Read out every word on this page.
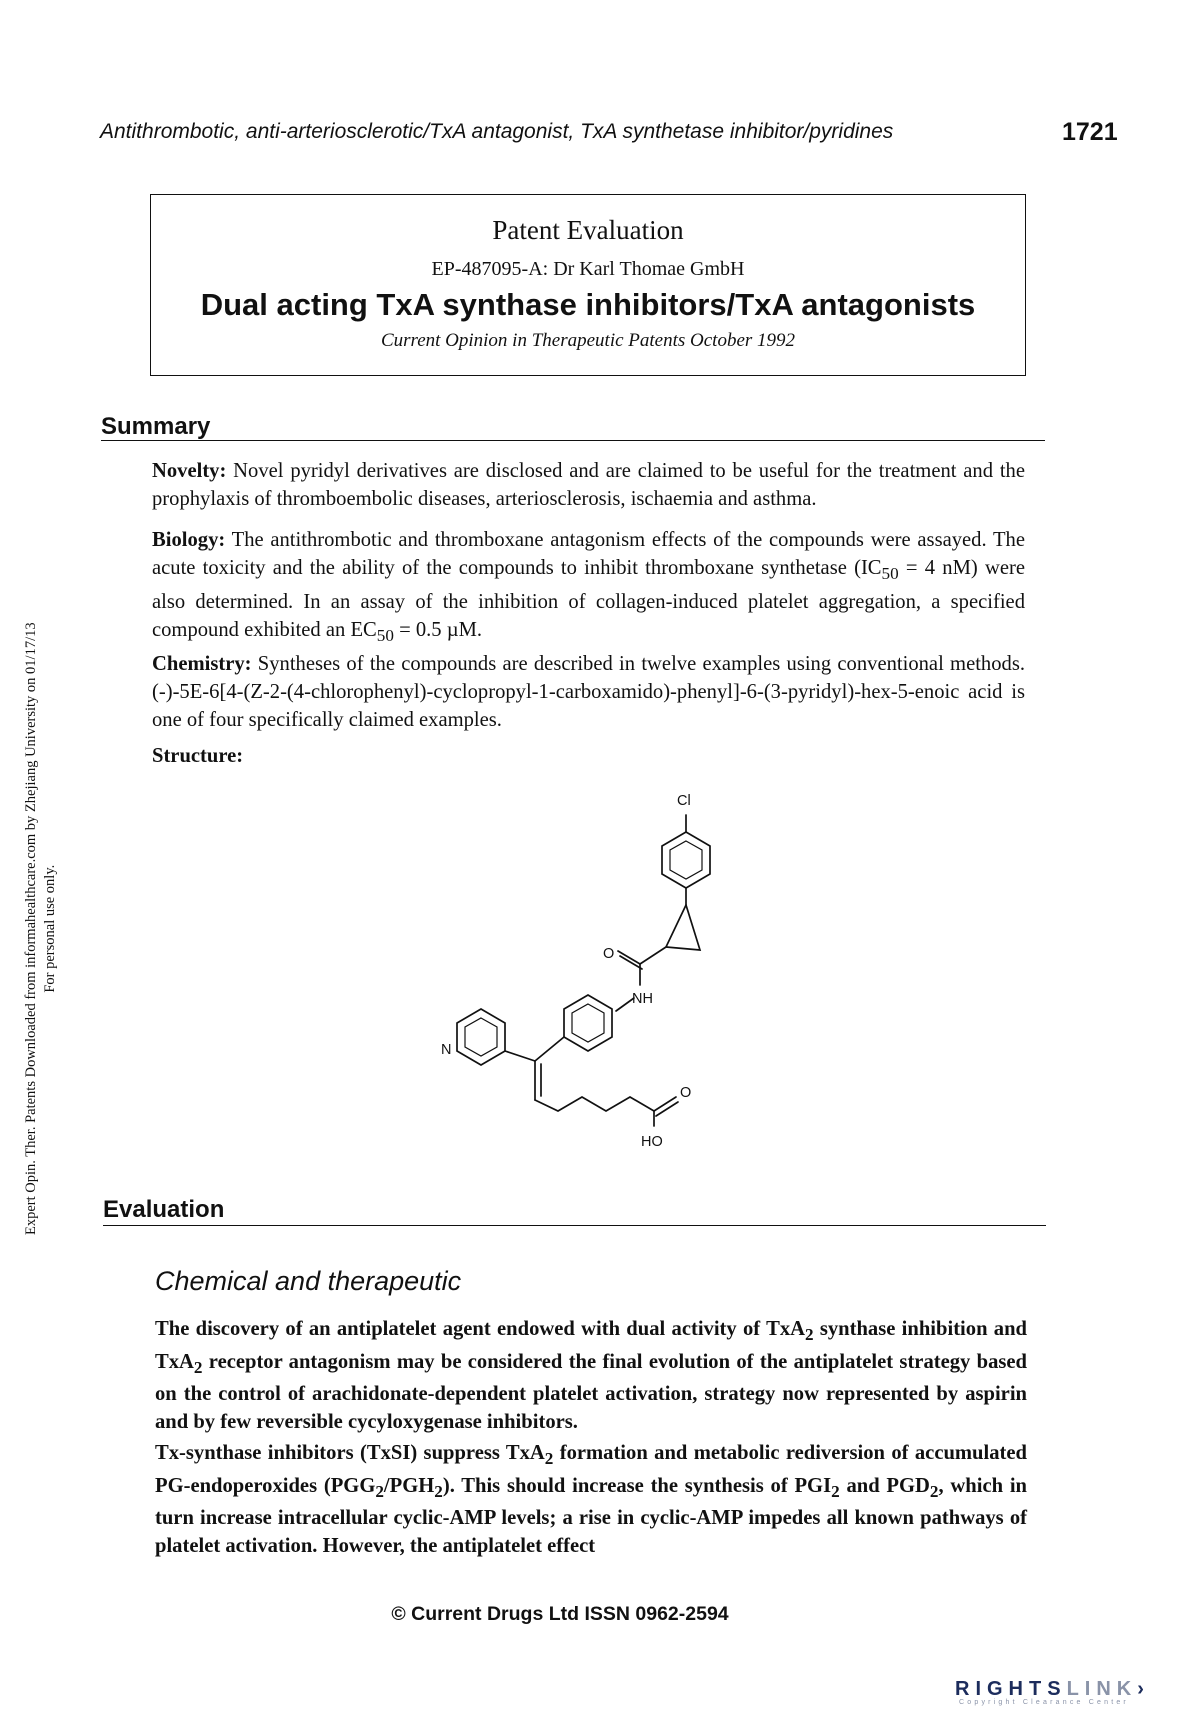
Antithrombotic, anti-arteriosclerotic/TxA antagonist, TxA synthetase inhibitor/pyridines	1721
Patent Evaluation
EP-487095-A: Dr Karl Thomae GmbH
Dual acting TxA synthase inhibitors/TxA antagonists
Current Opinion in Therapeutic Patents October 1992
Summary
Novelty: Novel pyridyl derivatives are disclosed and are claimed to be useful for the treatment and the prophylaxis of thromboembolic diseases, arteriosclerosis, ischaemia and asthma.
Biology: The antithrombotic and thromboxane antagonism effects of the compounds were assayed. The acute toxicity and the ability of the compounds to inhibit thromboxane synthetase ($IC_{50} = 4$ nM) were also determined. In an assay of the inhibition of collagen-induced platelet aggregation, a specified compound exhibited an $EC_{50} = 0.5$ µM.
Chemistry: Syntheses of the compounds are described in twelve examples using conventional methods. (-)-5E-6[4-(Z-2-(4-chlorophenyl)-cyclopropyl-1-carboxamido)-phenyl]-6-(3-pyridyl)-hex-5-enoic acid is one of four specifically claimed examples.
Structure:
Cl
O
NH
N
O
HO
Evaluation
Chemical and therapeutic
The discovery of an antiplatelet agent endowed with dual activity of TxA$_2$ synthase inhibition and TxA$_2$ receptor antagonism may be considered the final evolution of the antiplatelet strategy based on the control of arachidonate-dependent platelet activation, strategy now represented by aspirin and by few reversible cycyloxygenase inhibitors.
Tx-synthase inhibitors (TxSI) suppress TxA$_2$ formation and metabolic rediversion of accumulated PG-endoperoxides $(PGG_2/PGH_2)$. This should increase the synthesis of $PGI_2$ and $PGD_2$, which in turn increase intracellular cyclic-AMP levels; a rise in cyclic-AMP impedes all known pathways of platelet activation. However, the antiplatelet effect
© Current Drugs Ltd ISSN 0962-2594
Expert Opin. Ther. Patents Downloaded from informahealthcare.com by Zhejiang University on 01/17/13 For personal use only.
RIGHTSLINK›
Copyright Clearance Center
